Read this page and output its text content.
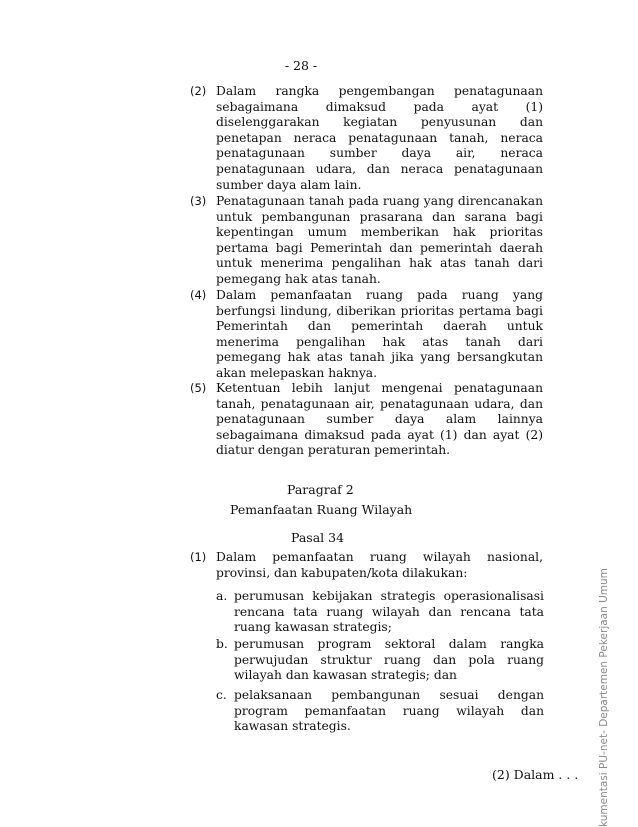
- 28 -
(2) Dalam rangka pengembangan penatagunaan sebagaimana dimaksud pada ayat (1) diselenggarakan kegiatan penyusunan dan penetapan neraca penatagunaan tanah, neraca penatagunaan sumber daya air, neraca penatagunaan udara, dan neraca penatagunaan sumber daya alam lain.
(3) Penatagunaan tanah pada ruang yang direncanakan untuk pembangunan prasarana dan sarana bagi kepentingan umum memberikan hak prioritas pertama bagi Pemerintah dan pemerintah daerah untuk menerima pengalihan hak atas tanah dari pemegang hak atas tanah.
(4) Dalam pemanfaatan ruang pada ruang yang berfungsi lindung, diberikan prioritas pertama bagi Pemerintah dan pemerintah daerah untuk menerima pengalihan hak atas tanah dari pemegang hak atas tanah jika yang bersangkutan akan melepaskan haknya.
(5) Ketentuan lebih lanjut mengenai penatagunaan tanah, penatagunaan air, penatagunaan udara, dan penatagunaan sumber daya alam lainnya sebagaimana dimaksud pada ayat (1) dan ayat (2) diatur dengan peraturan pemerintah.
Paragraf 2
Pemanfaatan Ruang Wilayah
Pasal 34
(1) Dalam pemanfaatan ruang wilayah nasional, provinsi, dan kabupaten/kota dilakukan:
a. perumusan kebijakan strategis operasionalisasi rencana tata ruang wilayah dan rencana tata ruang kawasan strategis;
b. perumusan program sektoral dalam rangka perwujudan struktur ruang dan pola ruang wilayah dan kawasan strategis; dan
c. pelaksanaan pembangunan sesuai dengan program pemanfaatan ruang wilayah dan kawasan strategis.
(2) Dalam . . . kumentasi PU-net- Departemen Pekerjaan Umum
